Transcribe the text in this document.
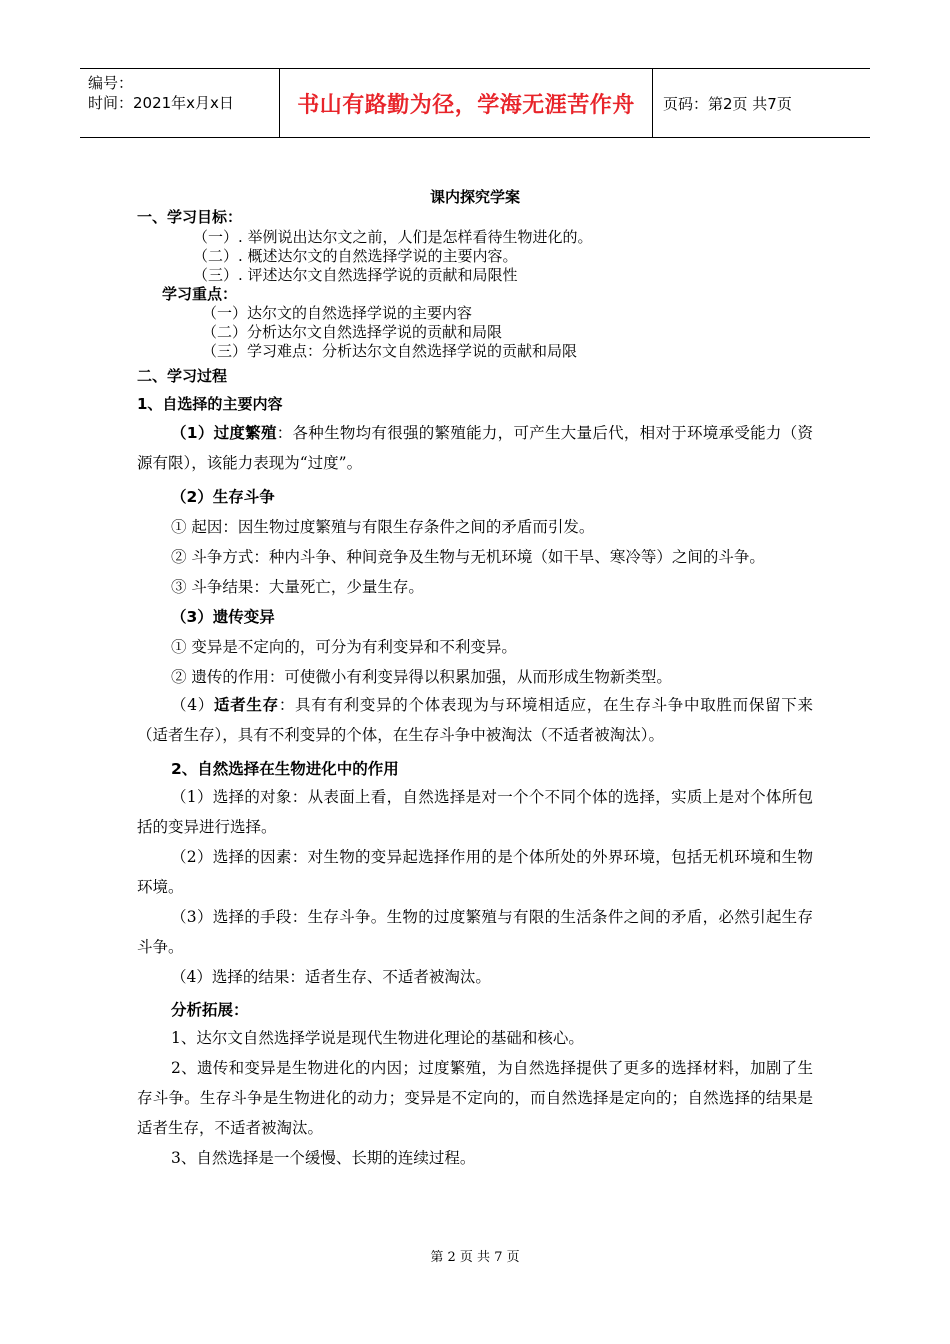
编号：
时间：2021年x月x日	书山有路勤为径，学海无涯苦作舟	页码：第2页 共7页
课内探究学案
一、学习目标：
（一）. 举例说出达尔文之前，人们是怎样看待生物进化的。
（二）. 概述达尔文的自然选择学说的主要内容。
（三）. 评述达尔文自然选择学说的贡献和局限性
学习重点：
（一）达尔文的自然选择学说的主要内容
（二）分析达尔文自然选择学说的贡献和局限
（三）学习难点：分析达尔文自然选择学说的贡献和局限
二、学习过程
1、自选择的主要内容
（1）过度繁殖：各种生物均有很强的繁殖能力，可产生大量后代，相对于环境承受能力（资源有限），该能力表现为“过度”。
（2）生存斗争
① 起因：因生物过度繁殖与有限生存条件之间的矛盾而引发。
② 斗争方式：种内斗争、种间竞争及生物与无机环境（如干旱、寒冷等）之间的斗争。
③ 斗争结果：大量死亡，少量生存。
（3）遗传变异
① 变异是不定向的，可分为有利变异和不利变异。
② 遗传的作用：可使微小有利变异得以积累加强，从而形成生物新类型。
（4）适者生存：具有有利变异的个体表现为与环境相适应，在生存斗争中取胜而保留下来（适者生存），具有不利变异的个体，在生存斗争中被淘汰（不适者被淘汰）。
2、自然选择在生物进化中的作用
（1）选择的对象：从表面上看，自然选择是对一个个不同个体的选择，实质上是对个体所包括的变异进行选择。
（2）选择的因素：对生物的变异起选择作用的是个体所处的外界环境，包括无机环境和生物环境。
（3）选择的手段：生存斗争。生物的过度繁殖与有限的生活条件之间的矛盾，必然引起生存斗争。
（4）选择的结果：适者生存、不适者被淘汰。
分析拓展：
1、达尔文自然选择学说是现代生物进化理论的基础和核心。
2、遗传和变异是生物进化的内因；过度繁殖，为自然选择提供了更多的选择材料，加剧了生存斗争。生存斗争是生物进化的动力；变异是不定向的，而自然选择是定向的；自然选择的结果是适者生存，不适者被淘汰。
3、自然选择是一个缓慢、长期的连续过程。
第 2 页 共 7 页
